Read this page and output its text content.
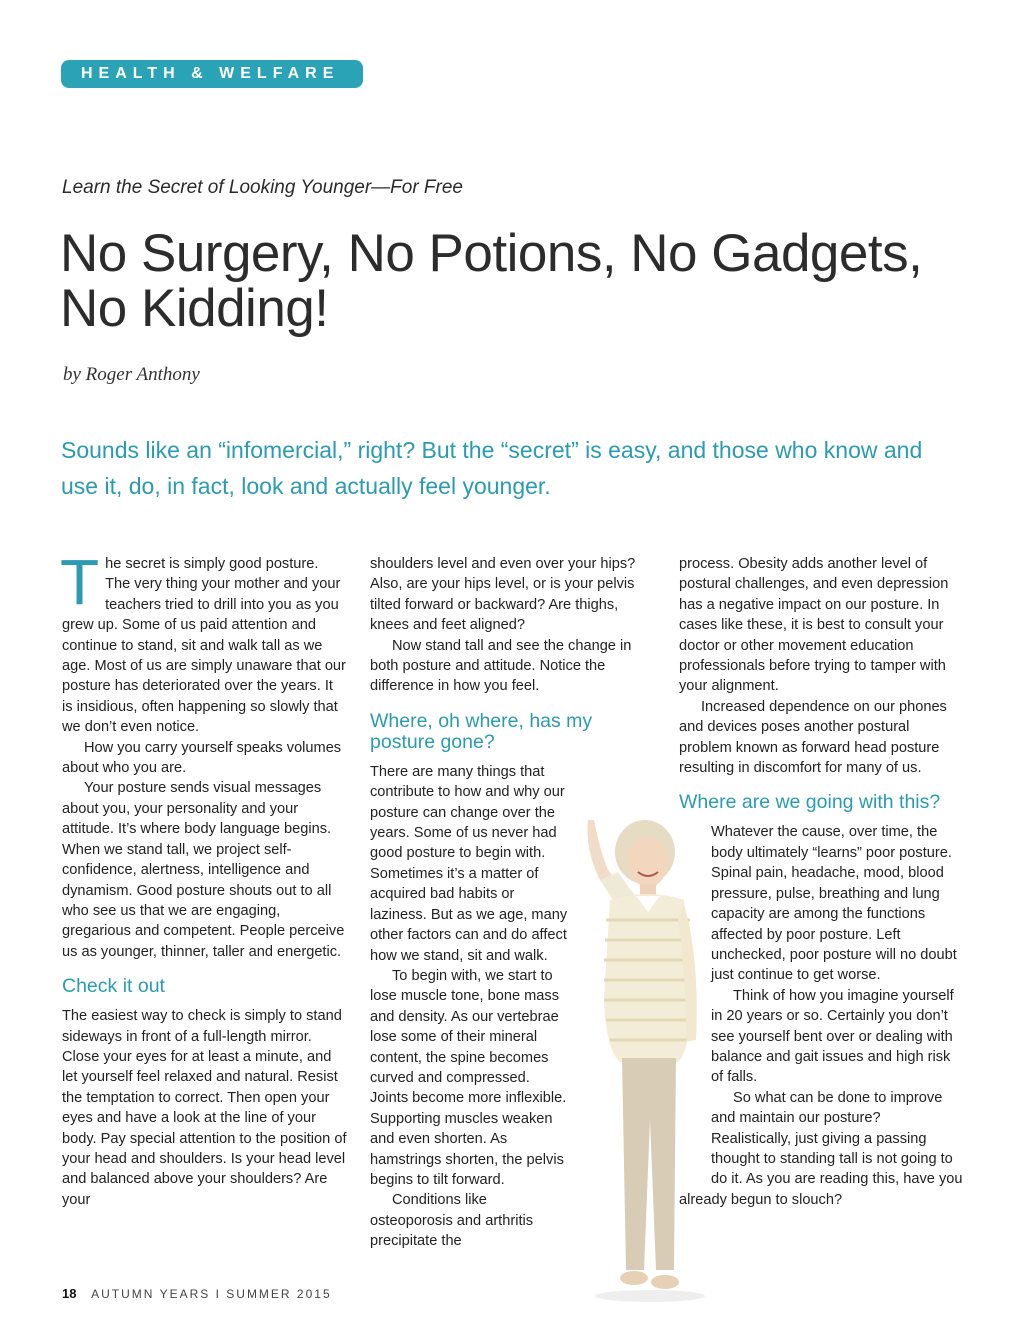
HEALTH & WELFARE
Learn the Secret of Looking Younger—For Free
No Surgery, No Potions, No Gadgets, No Kidding!
by Roger Anthony
Sounds like an “infomercial,” right? But the “secret” is easy, and those who know and use it, do, in fact, look and actually feel younger.

The secret is simply good posture. The very thing your mother and your teachers tried to drill into you as you grew up. Some of us paid attention and continue to stand, sit and walk tall as we age. Most of us are simply unaware that our posture has deteriorated over the years. It is insidious, often happening so slowly that we don’t even notice.

How you carry yourself speaks volumes about who you are.

Your posture sends visual messages about you, your personality and your attitude. It’s where body language begins. When we stand tall, we project self-confidence, alertness, intelligence and dynamism. Good posture shouts out to all who see us that we are engaging, gregarious and competent. People perceive us as younger, thinner, taller and energetic.

Check it out

The easiest way to check is simply to stand sideways in front of a full-length mirror. Close your eyes for at least a minute, and let yourself feel relaxed and natural. Resist the temptation to correct. Then open your eyes and have a look at the line of your body. Pay special attention to the position of your head and shoulders. Is your head level and balanced above your shoulders? Are your

shoulders level and even over your hips? Also, are your hips level, or is your pelvis tilted forward or backward? Are thighs, knees and feet aligned?

Now stand tall and see the change in both posture and attitude. Notice the difference in how you feel.

Where, oh where, has my posture gone?

There are many things that contribute to how and why our posture can change over the years. Some of us never had good posture to begin with. Sometimes it’s a matter of acquired bad habits or laziness. But as we age, many other factors can and do affect how we stand, sit and walk.

To begin with, we start to lose muscle tone, bone mass and density. As our vertebrae lose some of their mineral content, the spine becomes curved and compressed. Joints become more inflexible. Supporting muscles weaken and even shorten. As hamstrings shorten, the pelvis begins to tilt forward.

Conditions like osteoporosis and arthritis precipitate the

process. Obesity adds another level of postural challenges, and even depression has a negative impact on our posture. In cases like these, it is best to consult your doctor or other movement education professionals before trying to tamper with your alignment.

Increased dependence on our phones and devices poses another postural problem known as forward head posture resulting in discomfort for many of us.

Where are we going with this?

Whatever the cause, over time, the body ultimately “learns” poor posture. Spinal pain, headache, mood, blood pressure, pulse, breathing and lung capacity are among the functions affected by poor posture. Left unchecked, poor posture will no doubt just continue to get worse.

Think of how you imagine yourself in 20 years or so. Certainly you don’t see yourself bent over or dealing with balance and gait issues and high risk of falls.

So what can be done to improve and maintain our posture? Realistically, just giving a passing thought to standing tall is not going to do it. As you are reading this, have you already begun to slouch?

18 AUTUMN YEARS I SUMMER 2015
